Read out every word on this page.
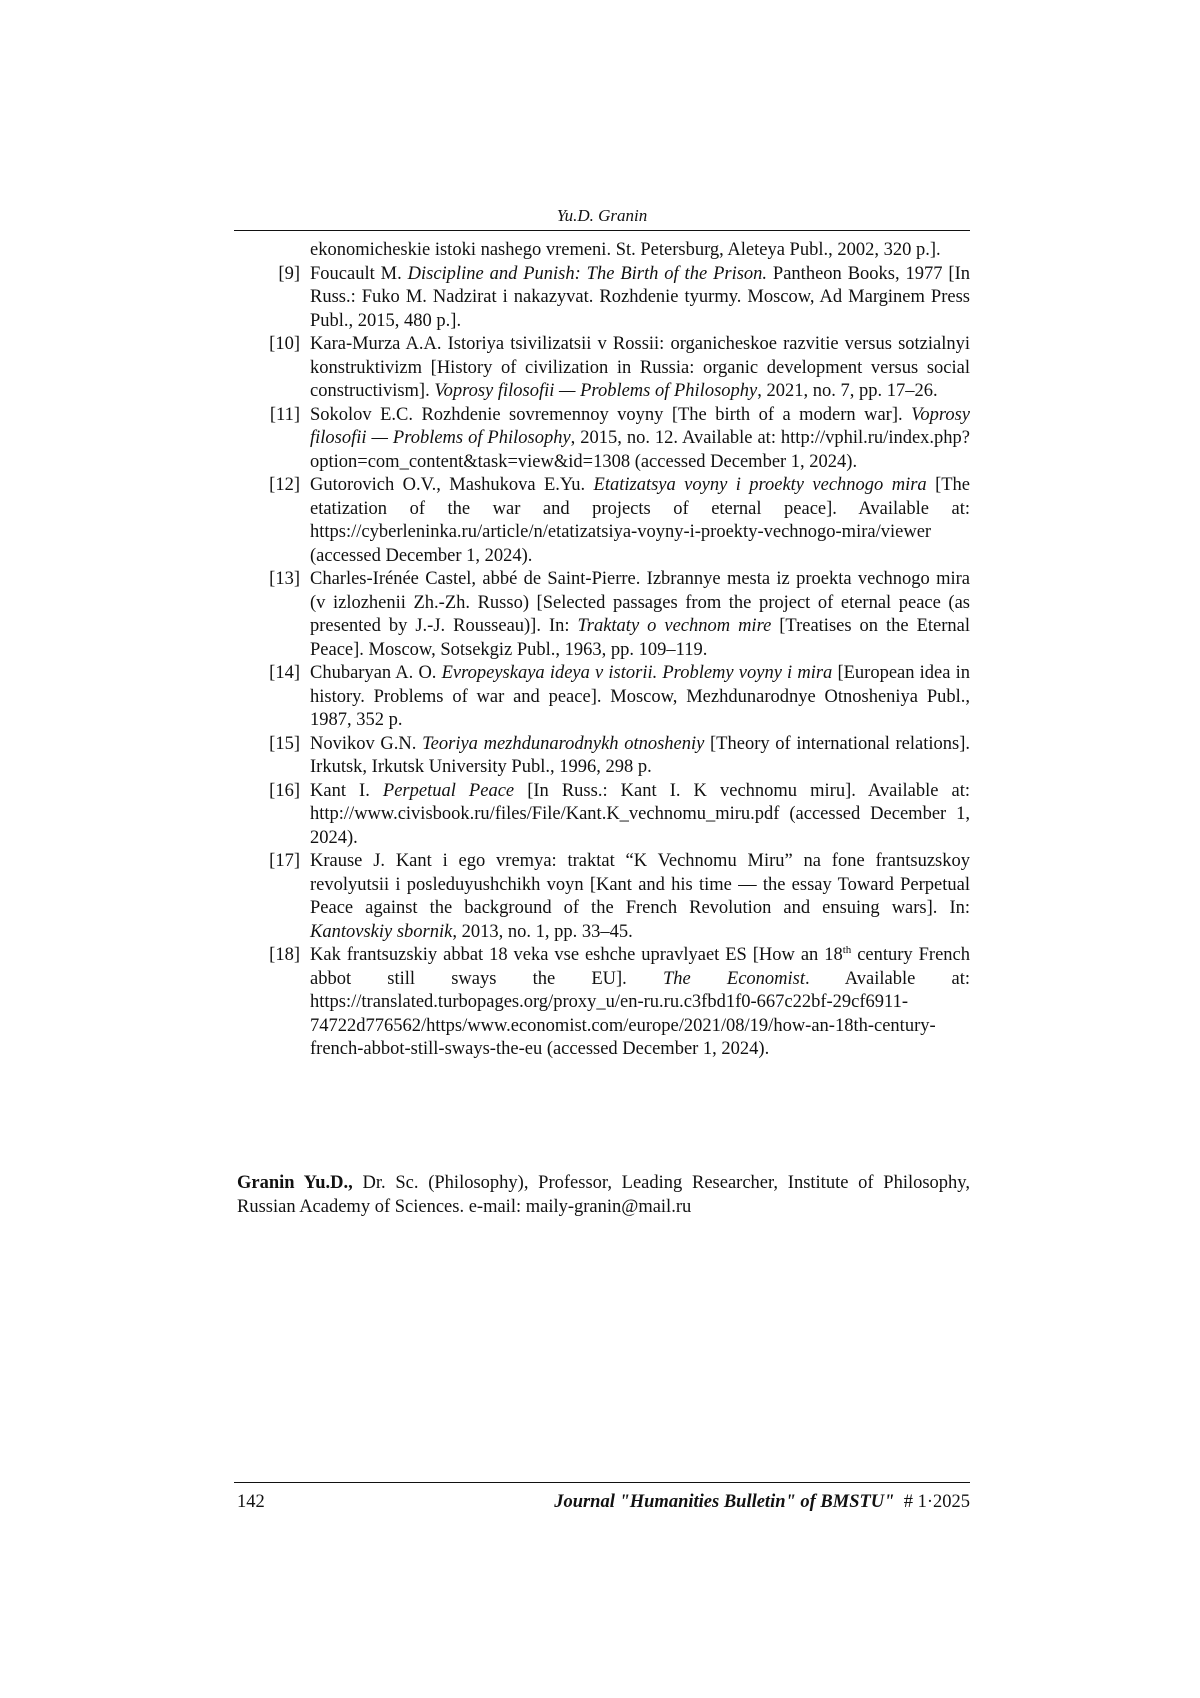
Yu.D. Granin

ekonomicheskie istoki nashego vremeni. St. Petersburg, Aleteya Publ., 2002, 320 p.].

[9] Foucault M. Discipline and Punish: The Birth of the Prison. Pantheon Books, 1977 [In Russ.: Fuko M. Nadzirat i nakazyvat. Rozhdenie tyurmy. Moscow, Ad Marginem Press Publ., 2015, 480 p.].

[10] Kara-Murza A.A. Istoriya tsivilizatsii v Rossii: organicheskoe razvitie versus sotzialnyi konstruktivizm [History of civilization in Russia: organic development versus social constructivism]. Voprosy filosofii — Problems of Philosophy, 2021, no. 7, pp. 17–26.

[11] Sokolov E.C. Rozhdenie sovremennoy voyny [The birth of a modern war]. Voprosy filosofii — Problems of Philosophy, 2015, no. 12. Available at: http://vphil.ru/index.php?option=com_content&task=view&id=1308 (accessed December 1, 2024).

[12] Gutorovich O.V., Mashukova E.Yu. Etatizatsya voyny i proekty vechnogo mira [The etatization of the war and projects of eternal peace]. Available at: https://cyberleninka.ru/article/n/etatizatsiya-voyny-i-proekty-vechnogo-mira/viewer (accessed December 1, 2024).

[13] Charles-Irénée Castel, abbé de Saint-Pierre. Izbrannye mesta iz proekta vechnogo mira (v izlozhenii Zh.-Zh. Russo) [Selected passages from the project of eternal peace (as presented by J.-J. Rousseau)]. In: Traktaty o vechnom mire [Treatises on the Eternal Peace]. Moscow, Sotsekgiz Publ., 1963, pp. 109–119.

[14] Chubaryan A. O. Evropeyskaya ideya v istorii. Problemy voyny i mira [European idea in history. Problems of war and peace]. Moscow, Mezhdunarodnye Otnosheniya Publ., 1987, 352 p.

[15] Novikov G.N. Teoriya mezhdunarodnykh otnosheniy [Theory of international relations]. Irkutsk, Irkutsk University Publ., 1996, 298 p.

[16] Kant I. Perpetual Peace [In Russ.: Kant I. K vechnomu miru]. Available at: http://www.civisbook.ru/files/File/Kant.K_vechnomu_miru.pdf (accessed December 1, 2024).

[17] Krause J. Kant i ego vremya: traktat “K Vechnomu Miru” na fone frantsuzskoy revolyutsii i posleduyushchikh voyn [Kant and his time — the essay Toward Perpetual Peace against the background of the French Revolution and ensuing wars]. In: Kantovskiy sbornik, 2013, no. 1, pp. 33–45.

[18] Kak frantsuzskiy abbat 18 veka vse eshche upravlyaet ES [How an 18th century French abbot still sways the EU]. The Economist. Available at: https://translated.turbopages.org/proxy_u/en-ru.ru.c3fbd1f0-667c22bf-29cf6911-74722d776562/https/www.economist.com/europe/2021/08/19/how-an-18th-century-french-abbot-still-sways-the-eu (accessed December 1, 2024).

Granin Yu.D., Dr. Sc. (Philosophy), Professor, Leading Researcher, Institute of Philosophy, Russian Academy of Sciences. e-mail: maily-granin@mail.ru
142	Journal "Humanities Bulletin" of BMSTU" # 1·2025
